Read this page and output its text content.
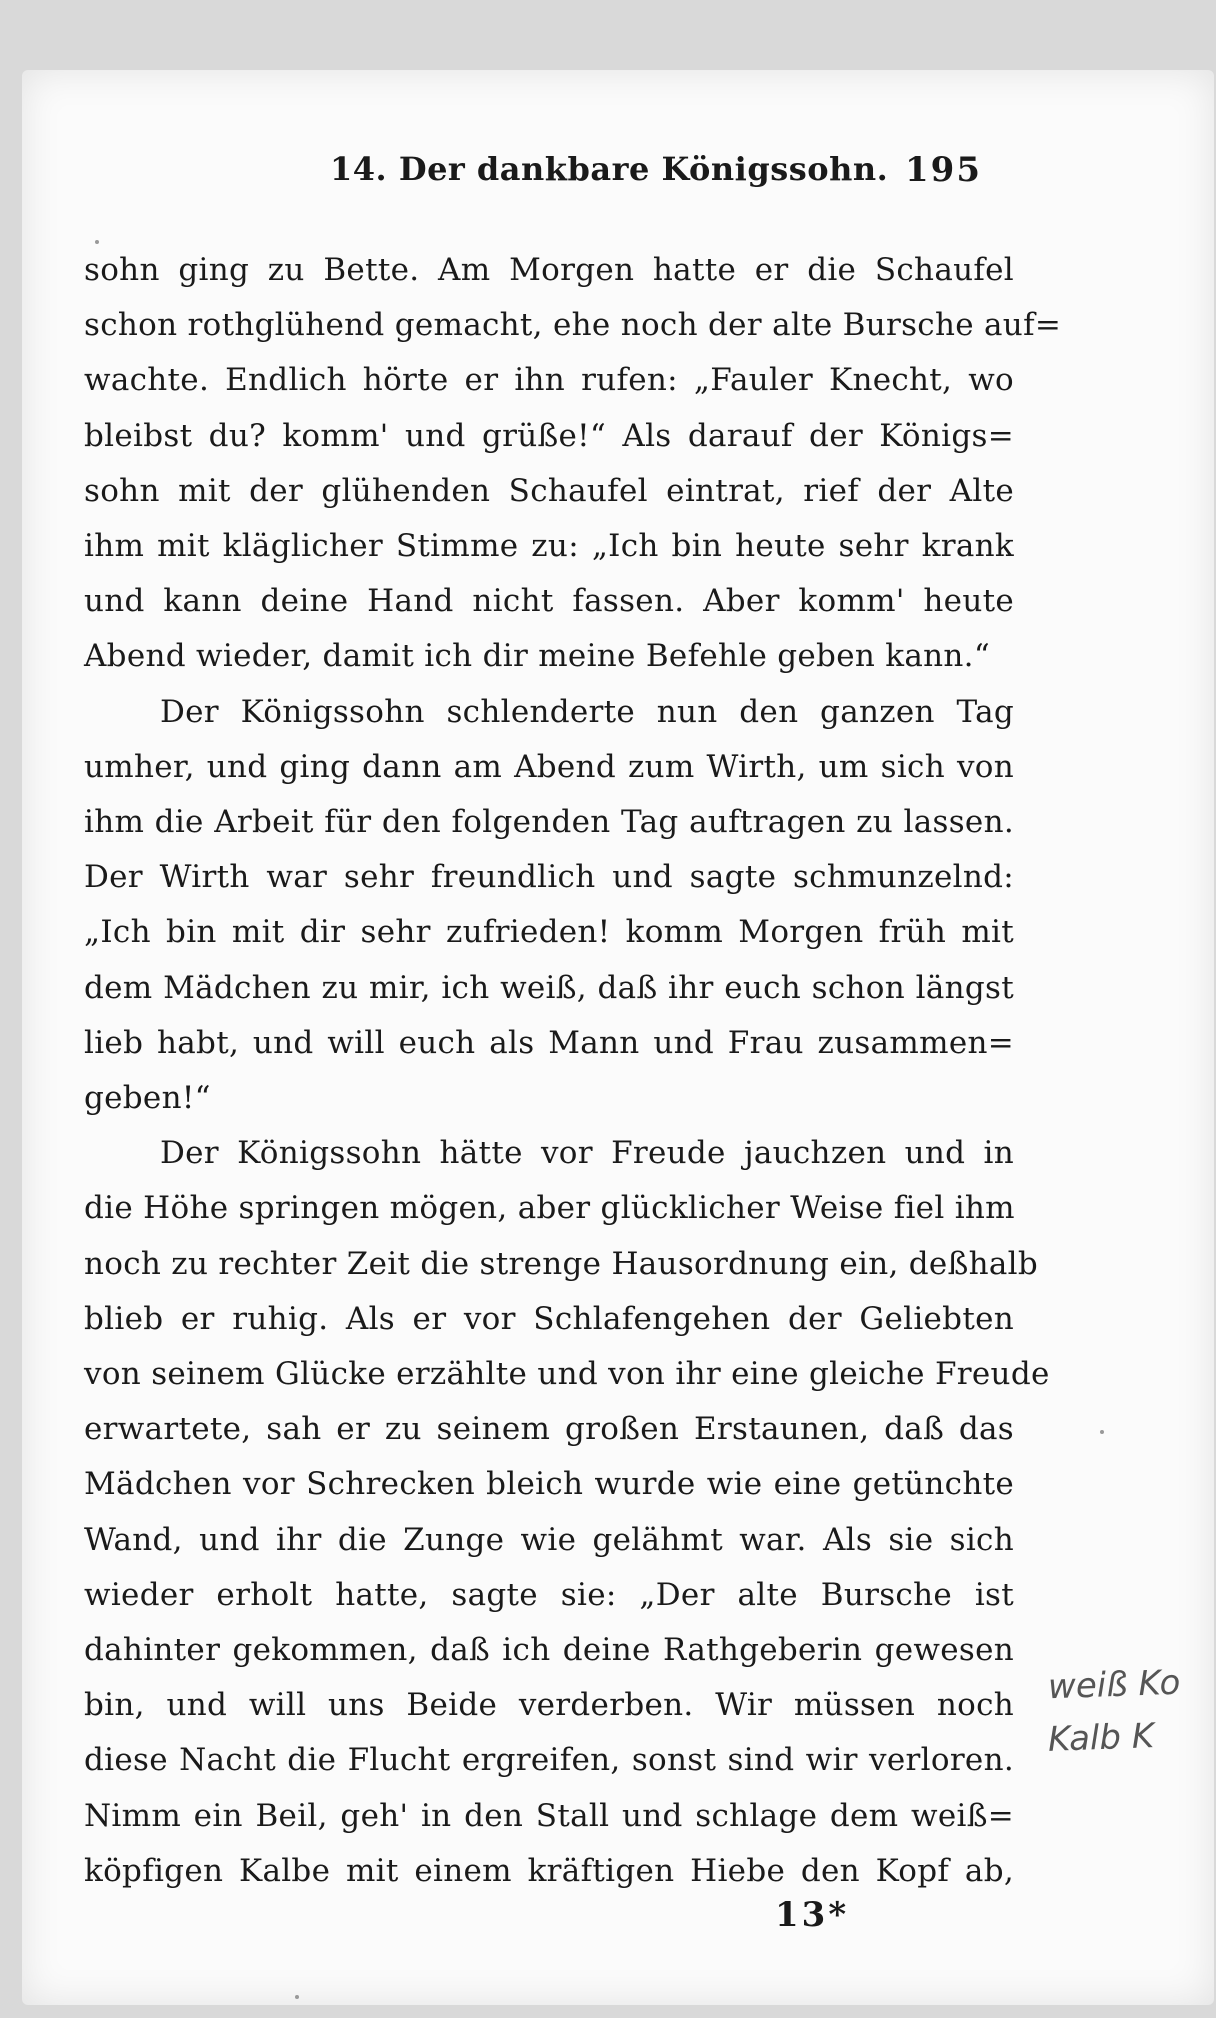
14. Der dankbare Königssohn. 195
sohn ging zu Bette. Am Morgen hatte er die Schaufel
schon rothglühend gemacht, ehe noch der alte Bursche auf=
wachte. Endlich hörte er ihn rufen: „Fauler Knecht, wo
bleibst du? komm' und grüße!“ Als darauf der Königs=
sohn mit der glühenden Schaufel eintrat, rief der Alte
ihm mit kläglicher Stimme zu: „Ich bin heute sehr krank
und kann deine Hand nicht fassen. Aber komm' heute
Abend wieder, damit ich dir meine Befehle geben kann.“
Der Königssohn schlenderte nun den ganzen Tag
umher, und ging dann am Abend zum Wirth, um sich von
ihm die Arbeit für den folgenden Tag auftragen zu lassen.
Der Wirth war sehr freundlich und sagte schmunzelnd:
„Ich bin mit dir sehr zufrieden! komm Morgen früh mit
dem Mädchen zu mir, ich weiß, daß ihr euch schon längst
lieb habt, und will euch als Mann und Frau zusammen=
geben!“
Der Königssohn hätte vor Freude jauchzen und in
die Höhe springen mögen, aber glücklicher Weise fiel ihm
noch zu rechter Zeit die strenge Hausordnung ein, deßhalb
blieb er ruhig. Als er vor Schlafengehen der Geliebten
von seinem Glücke erzählte und von ihr eine gleiche Freude
erwartete, sah er zu seinem großen Erstaunen, daß das
Mädchen vor Schrecken bleich wurde wie eine getünchte
Wand, und ihr die Zunge wie gelähmt war. Als sie sich
wieder erholt hatte, sagte sie: „Der alte Bursche ist
dahinter gekommen, daß ich deine Rathgeberin gewesen
bin, und will uns Beide verderben. Wir müssen noch
diese Nacht die Flucht ergreifen, sonst sind wir verloren.
Nimm ein Beil, geh' in den Stall und schlage dem weiß=
köpfigen Kalbe mit einem kräftigen Hiebe den Kopf ab,
13*
weiß Ko
Kalb K
